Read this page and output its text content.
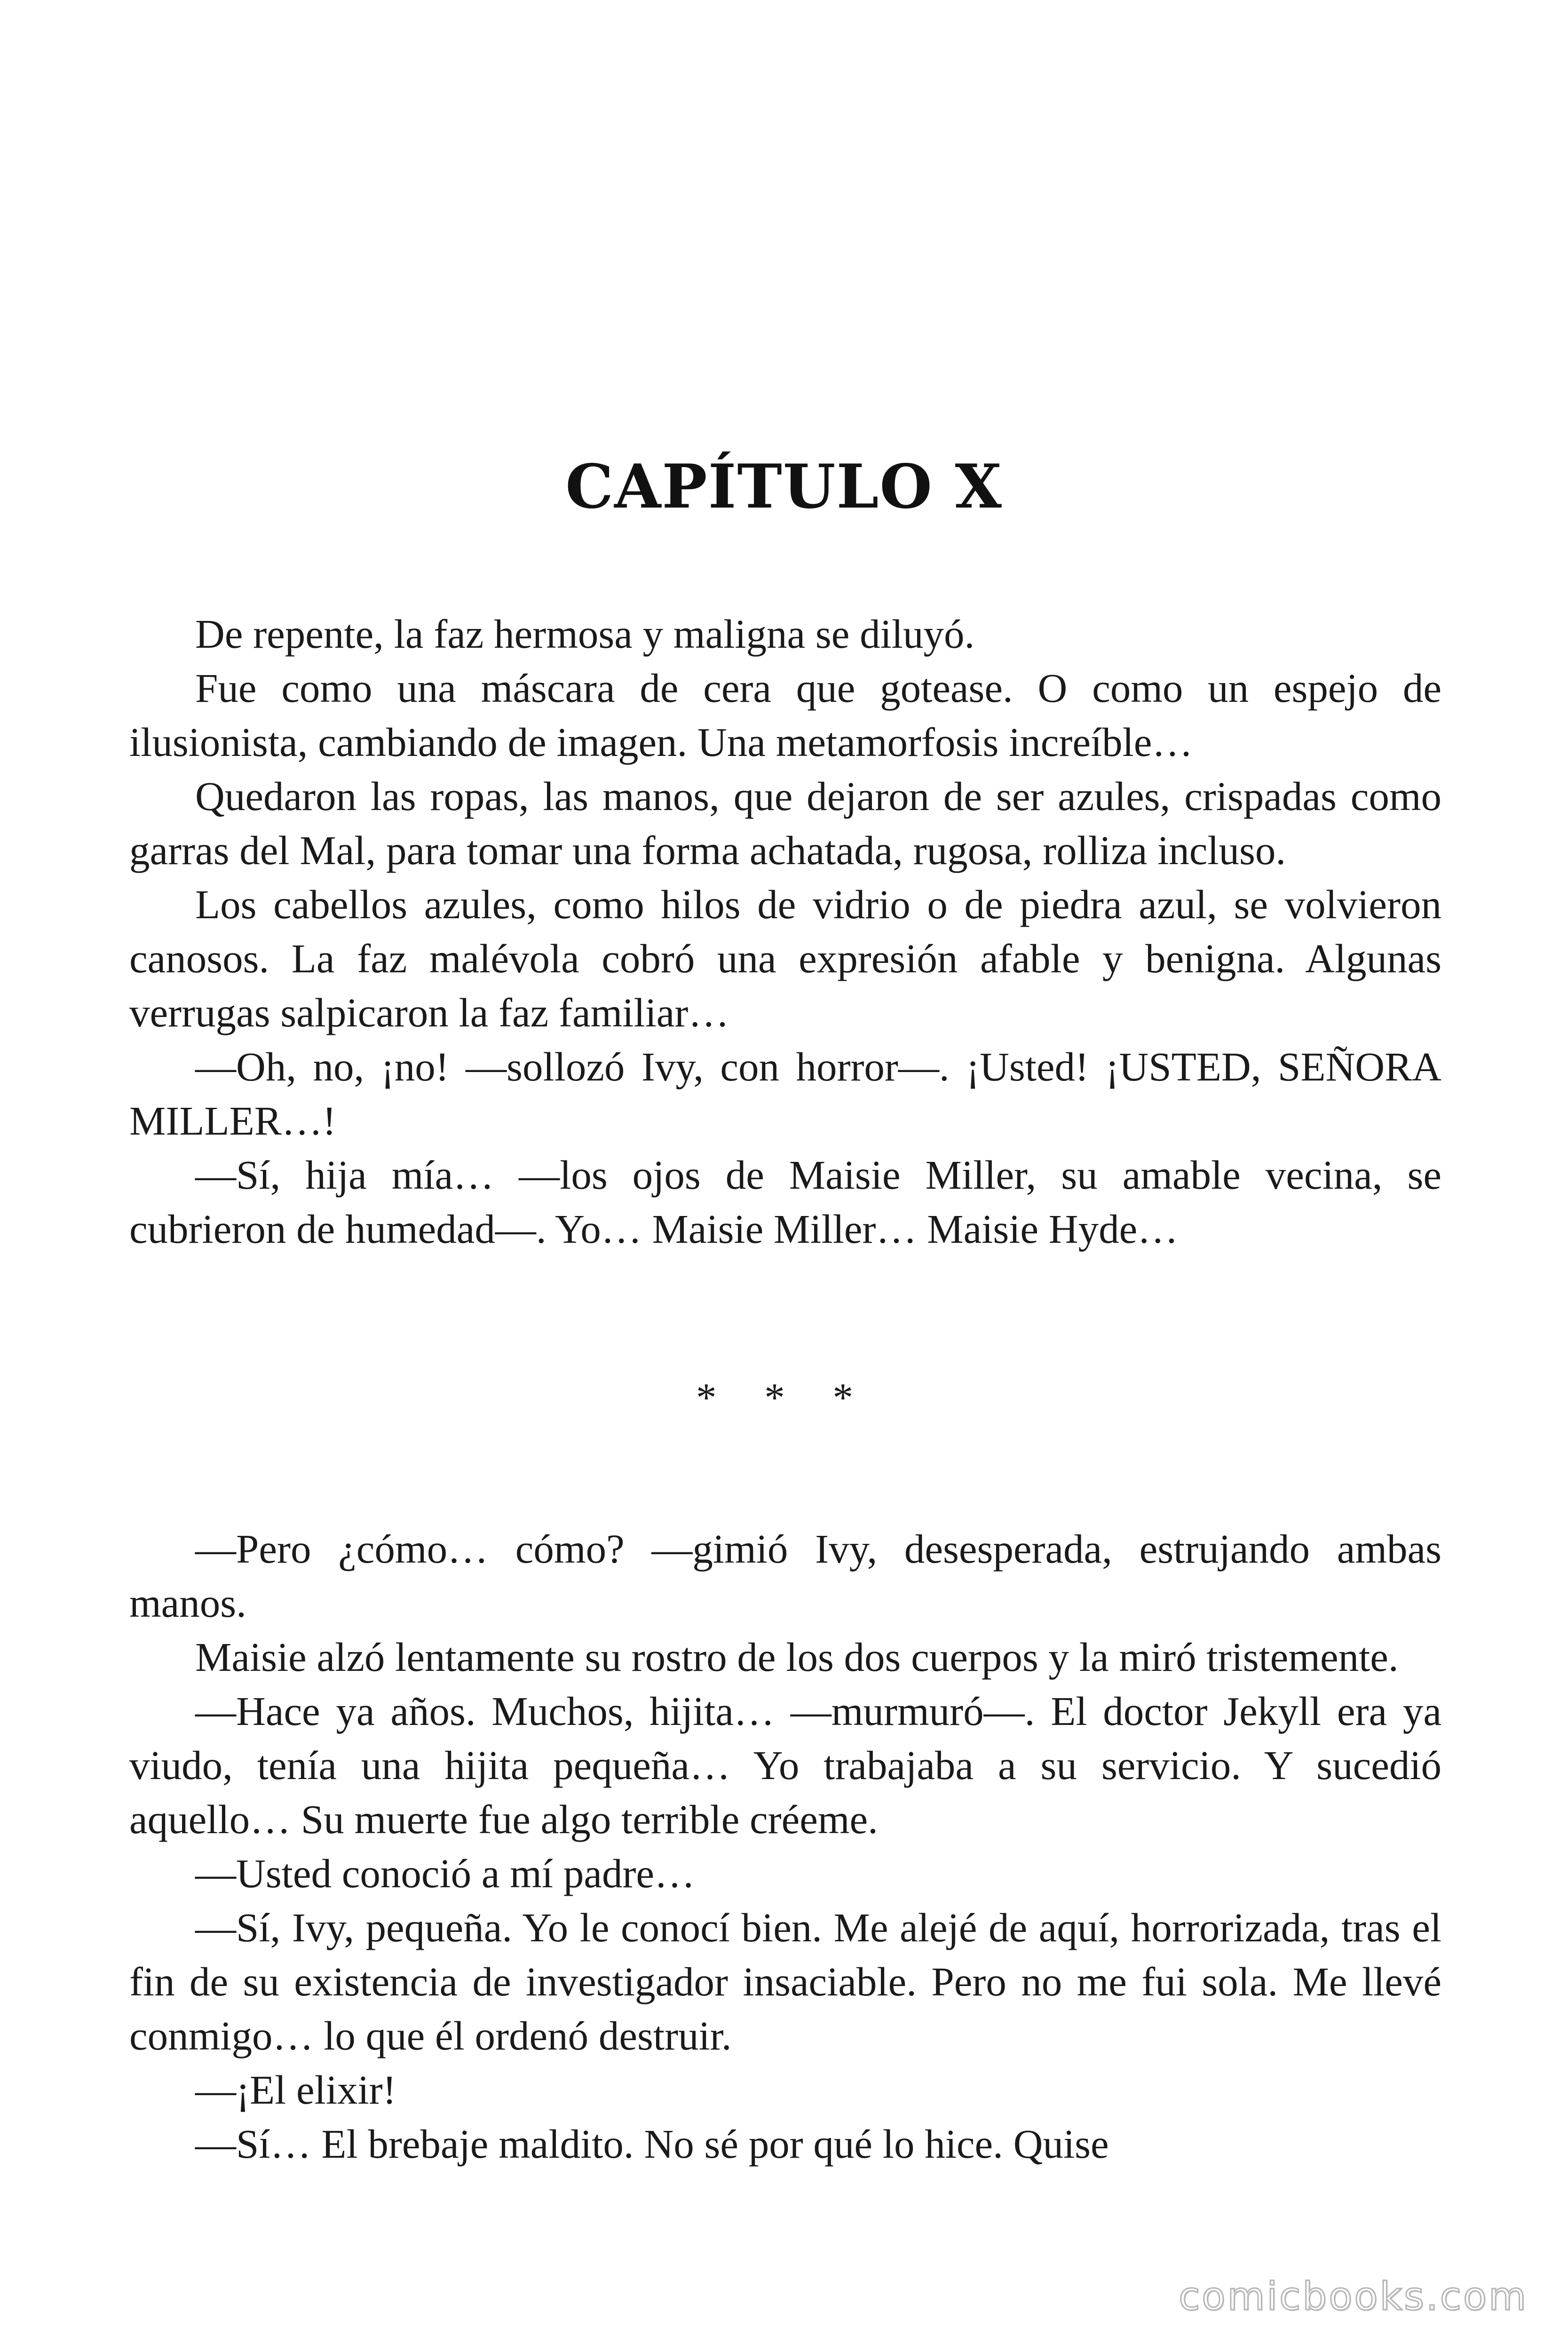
CAPÍTULO X

De repente, la faz hermosa y maligna se diluyó.

Fue como una máscara de cera que gotease. O como un espejo de ilusionista, cambiando de imagen. Una metamorfosis increíble…

Quedaron las ropas, las manos, que dejaron de ser azules, crispadas como garras del Mal, para tomar una forma achatada, rugosa, rolliza incluso.

Los cabellos azules, como hilos de vidrio o de piedra azul, se volvieron canosos. La faz malévola cobró una expresión afable y benigna. Algunas verrugas salpicaron la faz familiar…

—Oh, no, ¡no! —sollozó Ivy, con horror—. ¡Usted! ¡USTED, SEÑORA MILLER…!

—Sí, hija mía… —los ojos de Maisie Miller, su amable vecina, se cubrieron de humedad—. Yo… Maisie Miller… Maisie Hyde…

* * *

—Pero ¿cómo… cómo? —gimió Ivy, desesperada, estrujando ambas manos.

Maisie alzó lentamente su rostro de los dos cuerpos y la miró tristemente.

—Hace ya años. Muchos, hijita… —murmuró—. El doctor Jekyll era ya viudo, tenía una hijita pequeña… Yo trabajaba a su servicio. Y sucedió aquello… Su muerte fue algo terrible créeme.

—Usted conoció a mí padre…

—Sí, Ivy, pequeña. Yo le conocí bien. Me alejé de aquí, horrorizada, tras el fin de su existencia de investigador insaciable. Pero no me fui sola. Me llevé conmigo… lo que él ordenó destruir.

—¡El elixir!

—Sí… El brebaje maldito. No sé por qué lo hice. Quise

comicbooks.com
